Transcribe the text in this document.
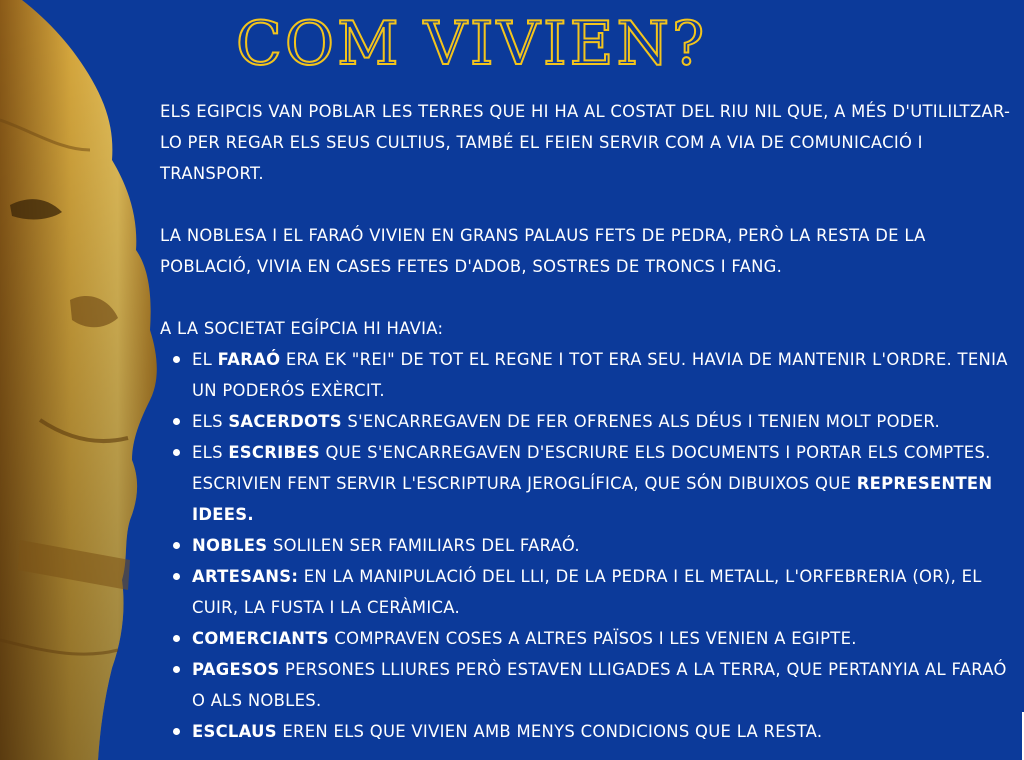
COM VIVIEN?

ELS EGIPCIS VAN POBLAR LES TERRES QUE HI HA AL COSTAT DEL RIU NIL QUE, A MÉS D'UTILILTZAR-LO PER REGAR ELS SEUS CULTIUS, TAMBÉ EL FEIEN SERVIR COM A VIA DE COMUNICACIÓ I TRANSPORT.

LA NOBLESA I EL FARAÓ VIVIEN EN GRANS PALAUS FETS DE PEDRA, PERÒ LA RESTA DE LA POBLACIÓ, VIVIA EN CASES FETES D'ADOB, SOSTRES DE TRONCS I FANG.

A LA SOCIETAT EGÍPCIA HI HAVIA:

EL FARAÓ ERA EK "REI" DE TOT EL REGNE I TOT ERA SEU. HAVIA DE MANTENIR L'ORDRE. TENIA UN PODERÓS EXÈRCIT.
ELS SACERDOTS S'ENCARREGAVEN DE FER OFRENES ALS DÉUS I TENIEN MOLT PODER.
ELS ESCRIBES QUE S'ENCARREGAVEN D'ESCRIURE ELS DOCUMENTS I PORTAR ELS COMPTES. ESCRIVIEN FENT SERVIR L'ESCRIPTURA JEROGLÍFICA, QUE SÓN DIBUIXOS QUE REPRESENTEN IDEES.
NOBLES SOLILEN SER FAMILIARS DEL FARAÓ.
ARTESANS: EN LA MANIPULACIÓ DEL LLI, DE LA PEDRA I EL METALL, L'ORFEBRERIA (OR), EL CUIR, LA FUSTA I LA CERÀMICA.
COMERCIANTS COMPRAVEN COSES A ALTRES PAÏSOS I LES VENIEN A EGIPTE.
PAGESOS PERSONES LLIURES PERÒ ESTAVEN LLIGADES A LA TERRA, QUE PERTANYIA AL FARAÓ O ALS NOBLES.
ESCLAUS EREN ELS QUE VIVIEN AMB MENYS CONDICIONS QUE LA RESTA.
